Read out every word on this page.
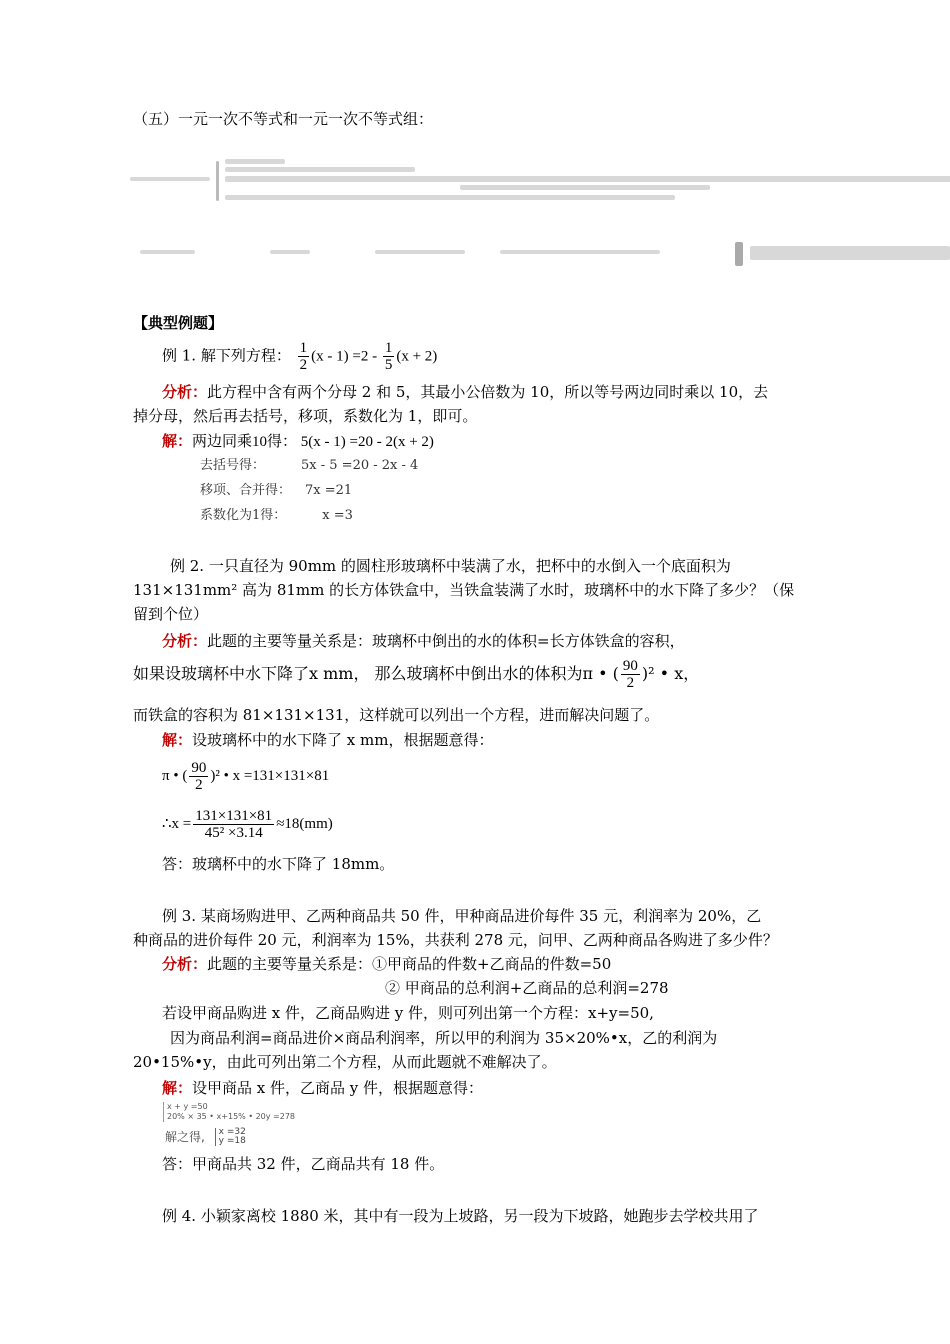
（五）一元一次不等式和一元一次不等式组：
【典型例题】
例 1. 解下列方程： $\frac{1}{2} (x - 1) =2 - \frac{1}{5} (x + 2)$
分析：此方程中含有两个分母 2 和 5，其最小公倍数为 10，所以等号两边同时乘以 10，去
掉分母，然后再去括号，移项，系数化为 1，即可。
解：两边同乘10得： 5(x - 1) =20 - 2(x + 2)
去括号得：	5x - 5 =20 - 2x - 4
移项、合并得： 7x =21
系数化为1得：	x =3
例 2. 一只直径为 90mm 的圆柱形玻璃杯中装满了水，把杯中的水倒入一个底面积为
131×131mm² 高为 81mm 的长方体铁盒中，当铁盒装满了水时，玻璃杯中的水下降了多少？（保
留到个位）
分析：此题的主要等量关系是：玻璃杯中倒出的水的体积=长方体铁盒的容积，
如果设玻璃杯中水下降了x mm， 那么玻璃杯中倒出水的体积为π • ( $\frac{90}{2} )^2$ • x，
而铁盒的容积为 81×131×131，这样就可以列出一个方程，进而解决问题了。
解：设玻璃杯中的水下降了 x mm，根据题意得：
π • ( $\frac{90}{2} )^2$ • x =131×131×81
∴x = $\frac{131\times 131\times 81}{\text{45² ×3.14}} \approx 18(mm)$
答：玻璃杯中的水下降了 18mm。
例 3. 某商场购进甲、乙两种商品共 50 件，甲种商品进价每件 35 元，利润率为 20%，乙
种商品的进价每件 20 元，利润率为 15%，共获利 278 元，问甲、乙两种商品各购进了多少件？
分析：此题的主要等量关系是：①甲商品的件数+乙商品的件数=50
② 甲商品的总利润+乙商品的总利润=278
若设甲商品购进 x 件，乙商品购进 y 件，则可列出第一个方程：x+y=50,
因为商品利润=商品进价×商品利润率，所以甲的利润为 35×20%•x，乙的利润为
20•15%•y，由此可列出第二个方程，从而此题就不难解决了。
解：设甲商品 x 件，乙商品 y 件，根据题意得：
x + y =50
20% × 35 • x+15% • 20y =278
解之得, x =32
y =18
答：甲商品共 32 件，乙商品共有 18 件。
例 4. 小颖家离校 1880 米，其中有一段为上坡路，另一段为下坡路，她跑步去学校共用了
